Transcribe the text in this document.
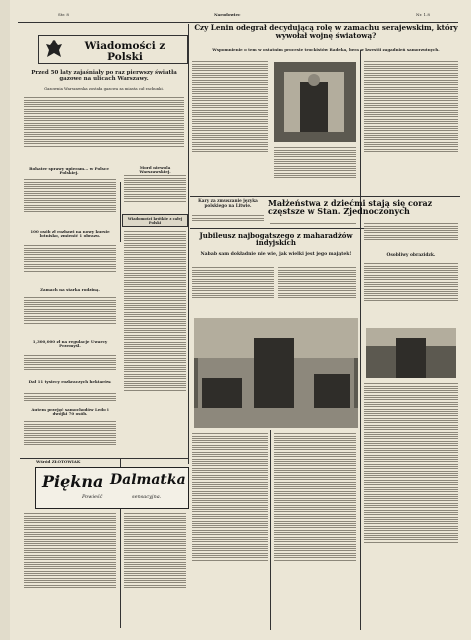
Str. 8	Narodowiec	Nr. 1.8
Wiadomości z Polski
Przed 50 laty zajaśniały po raz pierwszy światła gazowe na ulicach Warszawy.
Gazownia Warszawska została gazowa za miasta cał rachunki.
Bohater sprawy upieram... w Polsce Polskiej.
100 osób zł rozbawi na nowy kursie lotnisko, zmienić 1 obrazu.
Zamach na starka rodziną.
1,300,000 zł na regulacje Uwarcy Przemyśl.
Dał 11 tysiecy rozkraczych hektarów.
Autem przejęć samochodów Ledo i dwójki 70 osób.
Mord niewola Warszawskiej.
Wiadomości krótkie z całej Polski
Czy Lenin odegrał decydującą rolę w zamachu serajewskim, który wywołał wojnę światową?
Wspomnienie o tem w ostatnim procesie trockistów Radeka, bera w kwestii zagadnień samorzutnych.
Kary za zmuszanie języka polskiego na Litwie.	Małżeństwa z dziećmi stają się coraz częstsze w Stan. Zjednoczonych
Osobliwy obrazidzk.
Jubileusz najbogatszego z maharadżów indyjskich
Nabab sam dokładnie nie wie, jak wielki jest jego majątek!
Wśród ZŁOTOWIAK
Piękna Dalmatka
Powieść	sensacyjna.
